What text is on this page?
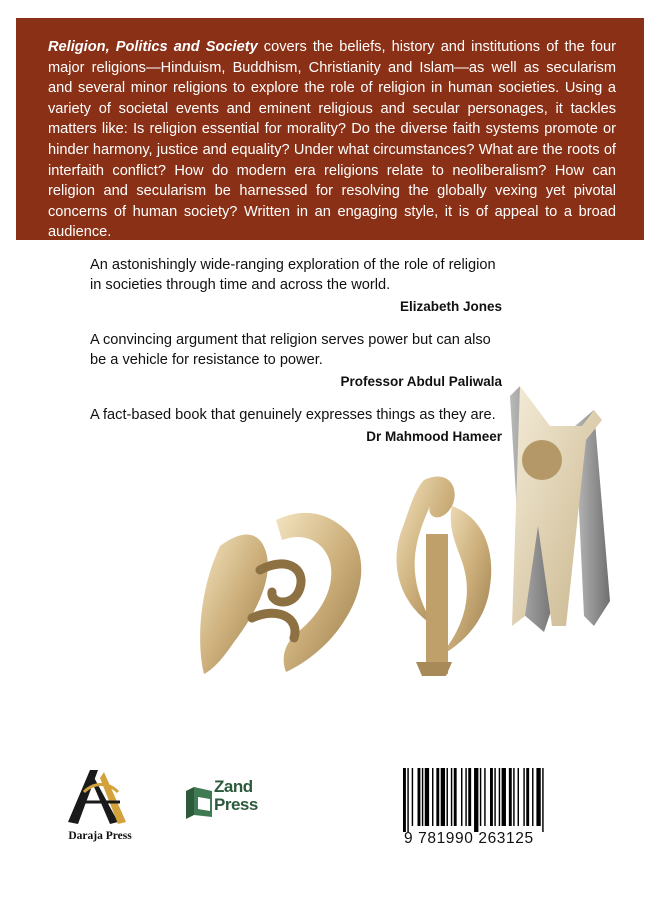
Religion, Politics and Society covers the beliefs, history and institutions of the four major religions—Hinduism, Buddhism, Christianity and Islam—as well as secularism and several minor religions to explore the role of religion in human societies. Using a variety of societal events and eminent religious and secular personages, it tackles matters like: Is religion essential for morality? Do the diverse faith systems promote or hinder harmony, justice and equality? Under what circumstances? What are the roots of interfaith conflict? How do modern era religions relate to neoliberalism? How can religion and secularism be harnessed for resolving the globally vexing yet pivotal concerns of human society? Written in an engaging style, it is of appeal to a broad audience.

An astonishingly wide-ranging exploration of the role of religion in societies through time and across the world.

Elizabeth Jones

A convincing argument that religion serves power but can also be a vehicle for resistance to power.

Professor Abdul Paliwala

A fact-based book that genuinely expresses things as they are.

Dr Mahmood Hameer

Daraja Press
Zand
Press
9 781990 263125
